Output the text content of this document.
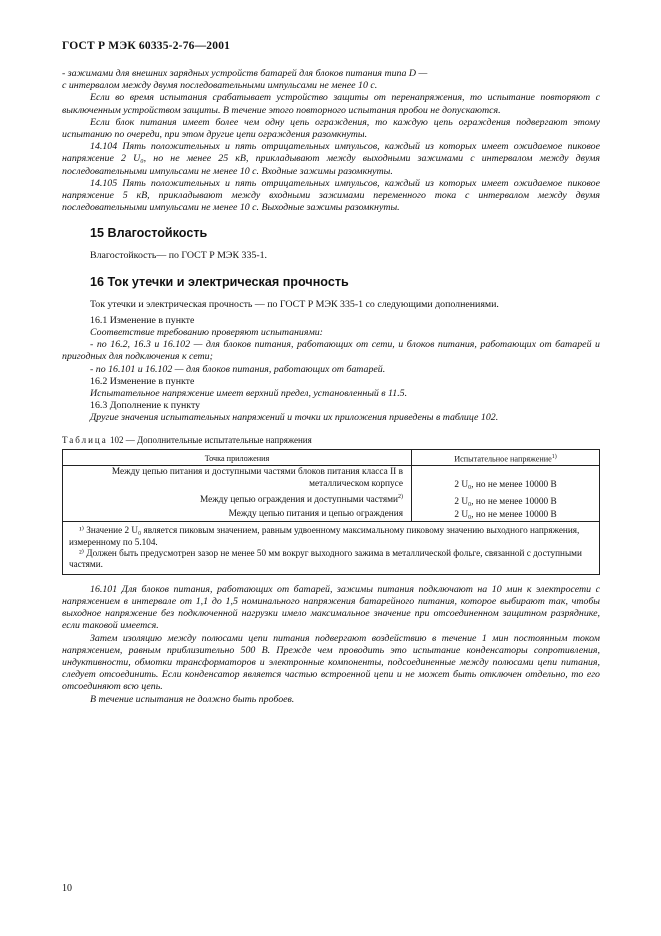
ГОСТ Р МЭК 60335-2-76—2001

- зажимами для внешних зарядных устройств батарей для блоков питания типа D —

с интервалом между двумя последовательными импульсами не менее 10 с.

Если во время испытания срабатывает устройство защиты от перенапряжения, то испытание повторяют с выключенным устройством защиты. В течение этого повторного испытания пробои не допускаются.

Если блок питания имеет более чем одну цепь ограждения, то каждую цепь ограждения подвергают этому испытанию по очереди, при этом другие цепи ограждения разомкнуты.

14.104 Пять положительных и пять отрицательных импульсов, каждый из которых имеет ожидаемое пиковое напряжение 2 U₀, но не менее 25 кВ, прикладывают между выходными зажимами с интервалом между двумя последовательными импульсами не менее 10 с. Входные зажимы разомкнуты.

14.105 Пять положительных и пять отрицательных импульсов, каждый из которых имеет ожидаемое пиковое напряжение 5 кВ, прикладывают между входными зажимами переменного тока с интервалом между двумя последовательными импульсами не менее 10 с. Выходные зажимы разомкнуты.

15 Влагостойкость

Влагостойкость— по ГОСТ Р МЭК 335-1.

16 Ток утечки и электрическая прочность

Ток утечки и электрическая прочность — по ГОСТ Р МЭК 335-1 со следующими дополнениями.

16.1 Изменение в пункте

Соответствие требованию проверяют испытаниями:

- по 16.2, 16.3 и 16.102 — для блоков питания, работающих от сети, и блоков питания, работающих от батарей и пригодных для подключения к сети;

- по 16.101 и 16.102 — для блоков питания, работающих от батарей.

16.2 Изменение в пункте

Испытательное напряжение имеет верхний предел, установленный в 11.5.

16.3 Дополнение к пункту

Другие значения испытательных напряжений и точки их приложения приведены в таблице 102.

Таблица 102 — Дополнительные испытательные напряжения
Точка приложения	Испытательное напряжение$^{1)}$
Между цепью питания и доступными частями блоков питания класса II в металлическом корпусе	2 U₀, но не менее 10000 В
Между цепью ограждения и доступными частями$^{2)}$	2 U₀, но не менее 10000 В
Между цепью питания и цепью ограждения	2 U₀, но не менее 10000 В

¹⁾ Значение 2 U₀ является пиковым значением, равным удвоенному максимальному пиковому значению выходного напряжения, измеренному по 5.104.
²⁾ Должен быть предусмотрен зазор не менее 50 мм вокруг выходного зажима в металлической фольге, связанной с доступными частями.	

16.101 Для блоков питания, работающих от батарей, зажимы питания подключают на 10 мин к электросети с напряжением в интервале от 1,1 до 1,5 номинального напряжения батарейного питания, которое выбирают так, чтобы выходное напряжение без подключенной нагрузки имело максимальное значение при отсоединенном защитном разряднике, если таковой имеется.

Затем изоляцию между полюсами цепи питания подвергают воздействию в течение 1 мин постоянным током напряжением, равным приблизительно 500 В. Прежде чем проводить это испытание конденсаторы сопротивления, индуктивности, обмотки трансформаторов и электронные компоненты, подсоединенные между полюсами цепи питания, следует отсоединить. Если конденсатор является частью встроенной цепи и не может быть отключен отдельно, то его отсоединяют всю цепь.

В течение испытания не должно быть пробоев.

10
